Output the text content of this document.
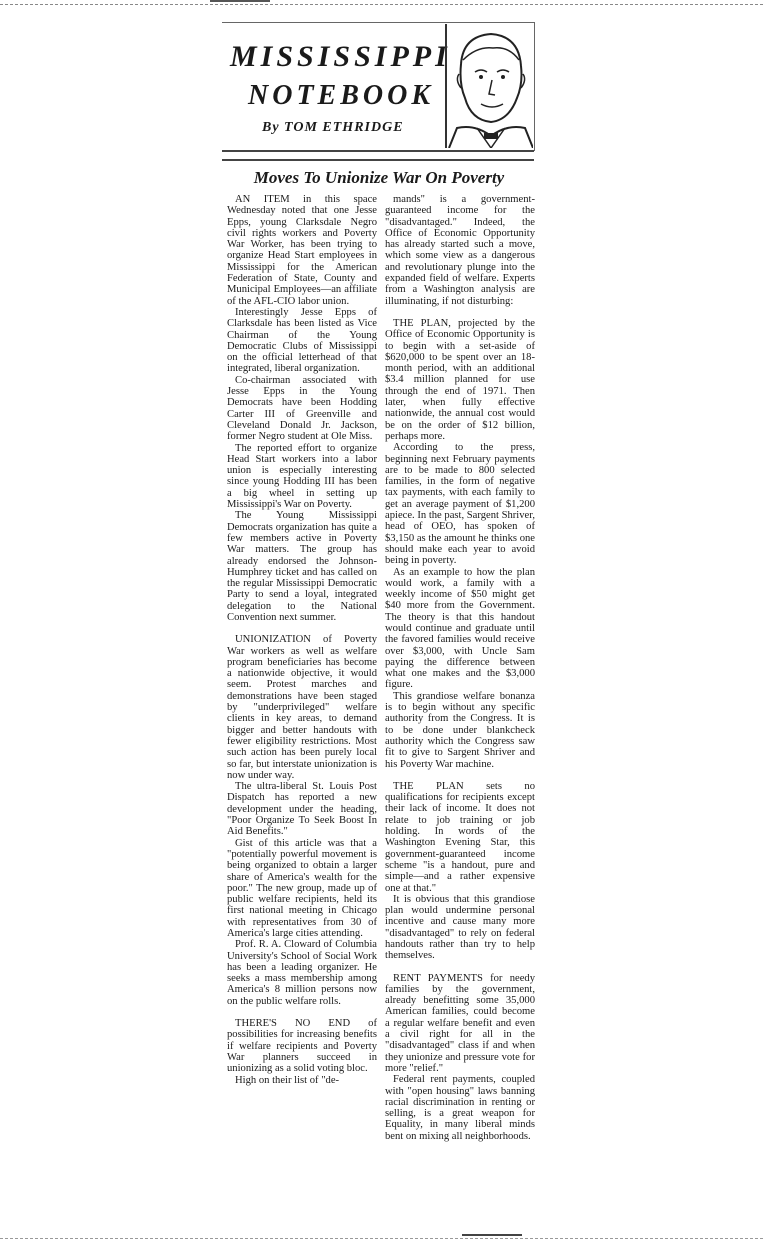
MISSISSIPPI
NOTEBOOK
By TOM ETHRIDGE
Moves To Unionize War On Poverty

AN ITEM in this space Wednesday noted that one Jesse Epps, young Clarksdale Negro civil rights workers and Poverty War Worker, has been trying to organize Head Start employees in Mississippi for the American Federation of State, County and Municipal Employees—an affiliate of the AFL-CIO labor union.

Interestingly Jesse Epps of Clarksdale has been listed as Vice Chairman of the Young Democratic Clubs of Mississippi on the official letterhead of that integrated, liberal organization.

Co-chairman associated with Jesse Epps in the Young Democrats have been Hodding Carter III of Greenville and Cleveland Donald Jr. Jackson, former Negro student at Ole Miss.

The reported effort to organize Head Start workers into a labor union is especially interesting since young Hodding III has been a big wheel in setting up Mississippi's War on Poverty.

The Young Mississippi Democrats organization has quite a few members active in Poverty War matters. The group has already endorsed the Johnson-Humphrey ticket and has called on the regular Mississippi Democratic Party to send a loyal, integrated delegation to the National Convention next summer.

UNIONIZATION of Poverty War workers as well as welfare program beneficiaries has become a nationwide objective, it would seem. Protest marches and demonstrations have been staged by "underprivileged" welfare clients in key areas, to demand bigger and better handouts with fewer eligibility restrictions. Most such action has been purely local so far, but interstate unionization is now under way.

The ultra-liberal St. Louis Post Dispatch has reported a new development under the heading, "Poor Organize To Seek Boost In Aid Benefits."

Gist of this article was that a "potentially powerful movement is being organized to obtain a larger share of America's wealth for the poor." The new group, made up of public welfare recipients, held its first national meeting in Chicago with representatives from 30 of America's large cities attending.

Prof. R. A. Cloward of Columbia University's School of Social Work has been a leading organizer. He seeks a mass membership among America's 8 million persons now on the public welfare rolls.

THERE'S NO END of possibilities for increasing benefits if welfare recipients and Poverty War planners succeed in unionizing as a solid voting bloc.

High on their list of "de-

mands" is a government-guaranteed income for the "disadvantaged." Indeed, the Office of Economic Opportunity has already started such a move, which some view as a dangerous and revolutionary plunge into the expanded field of welfare. Experts from a Washington analysis are illuminating, if not disturbing:

THE PLAN, projected by the Office of Economic Opportunity is to begin with a set-aside of $620,000 to be spent over an 18-month period, with an additional $3.4 million planned for use through the end of 1971. Then later, when fully effective nationwide, the annual cost would be on the order of $12 billion, perhaps more.

According to the press, beginning next February payments are to be made to 800 selected families, in the form of negative tax payments, with each family to get an average payment of $1,200 apiece. In the past, Sargent Shriver, head of OEO, has spoken of $3,150 as the amount he thinks one should make each year to avoid being in poverty.

As an example to how the plan would work, a family with a weekly income of $50 might get $40 more from the Government. The theory is that this handout would continue and graduate until the favored families would receive over $3,000, with Uncle Sam paying the difference between what one makes and the $3,000 figure.

This grandiose welfare bonanza is to begin without any specific authority from the Congress. It is to be done under blankcheck authority which the Congress saw fit to give to Sargent Shriver and his Poverty War machine.

THE PLAN sets no qualifications for recipients except their lack of income. It does not relate to job training or job holding. In words of the Washington Evening Star, this government-guaranteed income scheme "is a handout, pure and simple—and a rather expensive one at that."

It is obvious that this grandiose plan would undermine personal incentive and cause many more "disadvantaged" to rely on federal handouts rather than try to help themselves.

RENT PAYMENTS for needy families by the government, already benefitting some 35,000 American families, could become a regular welfare benefit and even a civil right for all in the "disadvantaged" class if and when they unionize and pressure vote for more "relief."

Federal rent payments, coupled with "open housing" laws banning racial discrimination in renting or selling, is a great weapon for Equality, in many liberal minds bent on mixing all neighborhoods.
